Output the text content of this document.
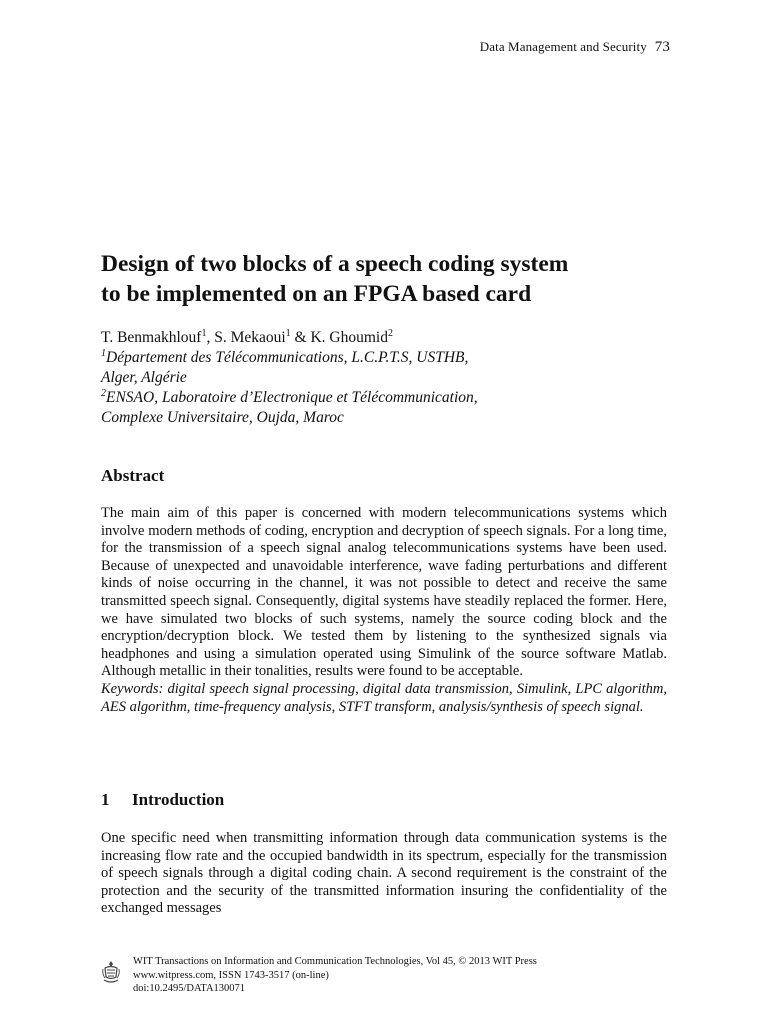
Data Management and Security 73
Design of two blocks of a speech coding system
to be implemented on an FPGA based card
T. Benmakhlouf$^1$, S. Mekaoui$^1$ & K. Ghoumid$^2$
$^1$Département des Télécommunications, L.C.P.T.S, USTHB,
Alger, Algérie
$^2$ENSAO, Laboratoire d’Electronique et Télécommunication,
Complexe Universitaire, Oujda, Maroc
Abstract

The main aim of this paper is concerned with modern telecommunications systems which involve modern methods of coding, encryption and decryption of speech signals. For a long time, for the transmission of a speech signal analog telecommunications systems have been used. Because of unexpected and unavoidable interference, wave fading perturbations and different kinds of noise occurring in the channel, it was not possible to detect and receive the same transmitted speech signal. Consequently, digital systems have steadily replaced the former. Here, we have simulated two blocks of such systems, namely the source coding block and the encryption/decryption block. We tested them by listening to the synthesized signals via headphones and using a simulation operated using Simulink of the source software Matlab. Although metallic in their tonalities, results were found to be acceptable.

Keywords: digital speech signal processing, digital data transmission, Simulink, LPC algorithm, AES algorithm, time-frequency analysis, STFT transform, analysis/synthesis of speech signal.

1 Introduction

One specific need when transmitting information through data communication systems is the increasing flow rate and the occupied bandwidth in its spectrum, especially for the transmission of speech signals through a digital coding chain. A second requirement is the constraint of the protection and the security of the transmitted information insuring the confidentiality of the exchanged messages

WIT Transactions on Information and Communication Technologies, Vol 45, © 2013 WIT Press
www.witpress.com, ISSN 1743-3517 (on-line)
doi:10.2495/DATA130071
